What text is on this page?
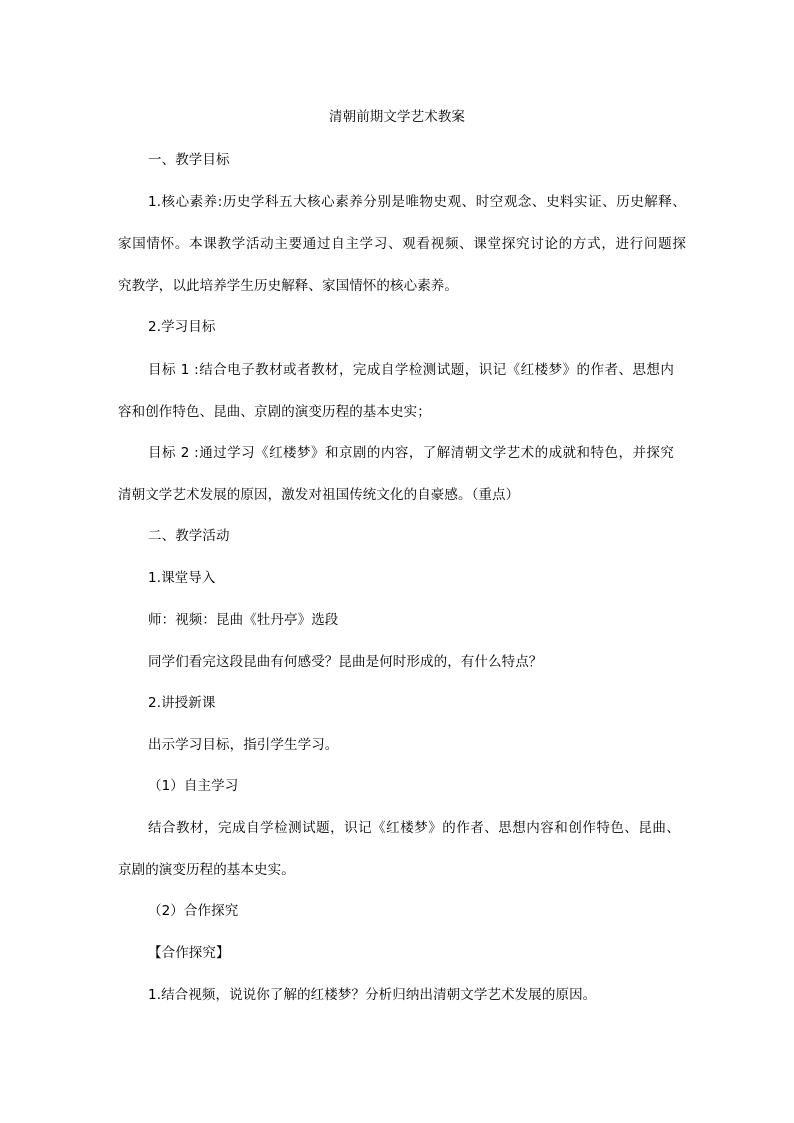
清朝前期文学艺术教案
一、教学目标
1.核心素养:历史学科五大核心素养分别是唯物史观、时空观念、史料实证、历史解释、
家国情怀。本课教学活动主要通过自主学习、观看视频、课堂探究讨论的方式，进行问题探
究教学，以此培养学生历史解释、家国情怀的核心素养。
2.学习目标
目标 1 :结合电子教材或者教材，完成自学检测试题，识记《红楼梦》的作者、思想内
容和创作特色、昆曲、京剧的演变历程的基本史实；
目标 2 :通过学习《红楼梦》和京剧的内容，了解清朝文学艺术的成就和特色，并探究
清朝文学艺术发展的原因，激发对祖国传统文化的自豪感。（重点）
二、教学活动
1.课堂导入
师：视频：昆曲《牡丹亭》选段
同学们看完这段昆曲有何感受？昆曲是何时形成的，有什么特点？
2.讲授新课
出示学习目标，指引学生学习。
（1）自主学习
结合教材，完成自学检测试题，识记《红楼梦》的作者、思想内容和创作特色、昆曲、
京剧的演变历程的基本史实。
（2）合作探究
【合作探究】
1.结合视频，说说你了解的红楼梦？分析归纳出清朝文学艺术发展的原因。
